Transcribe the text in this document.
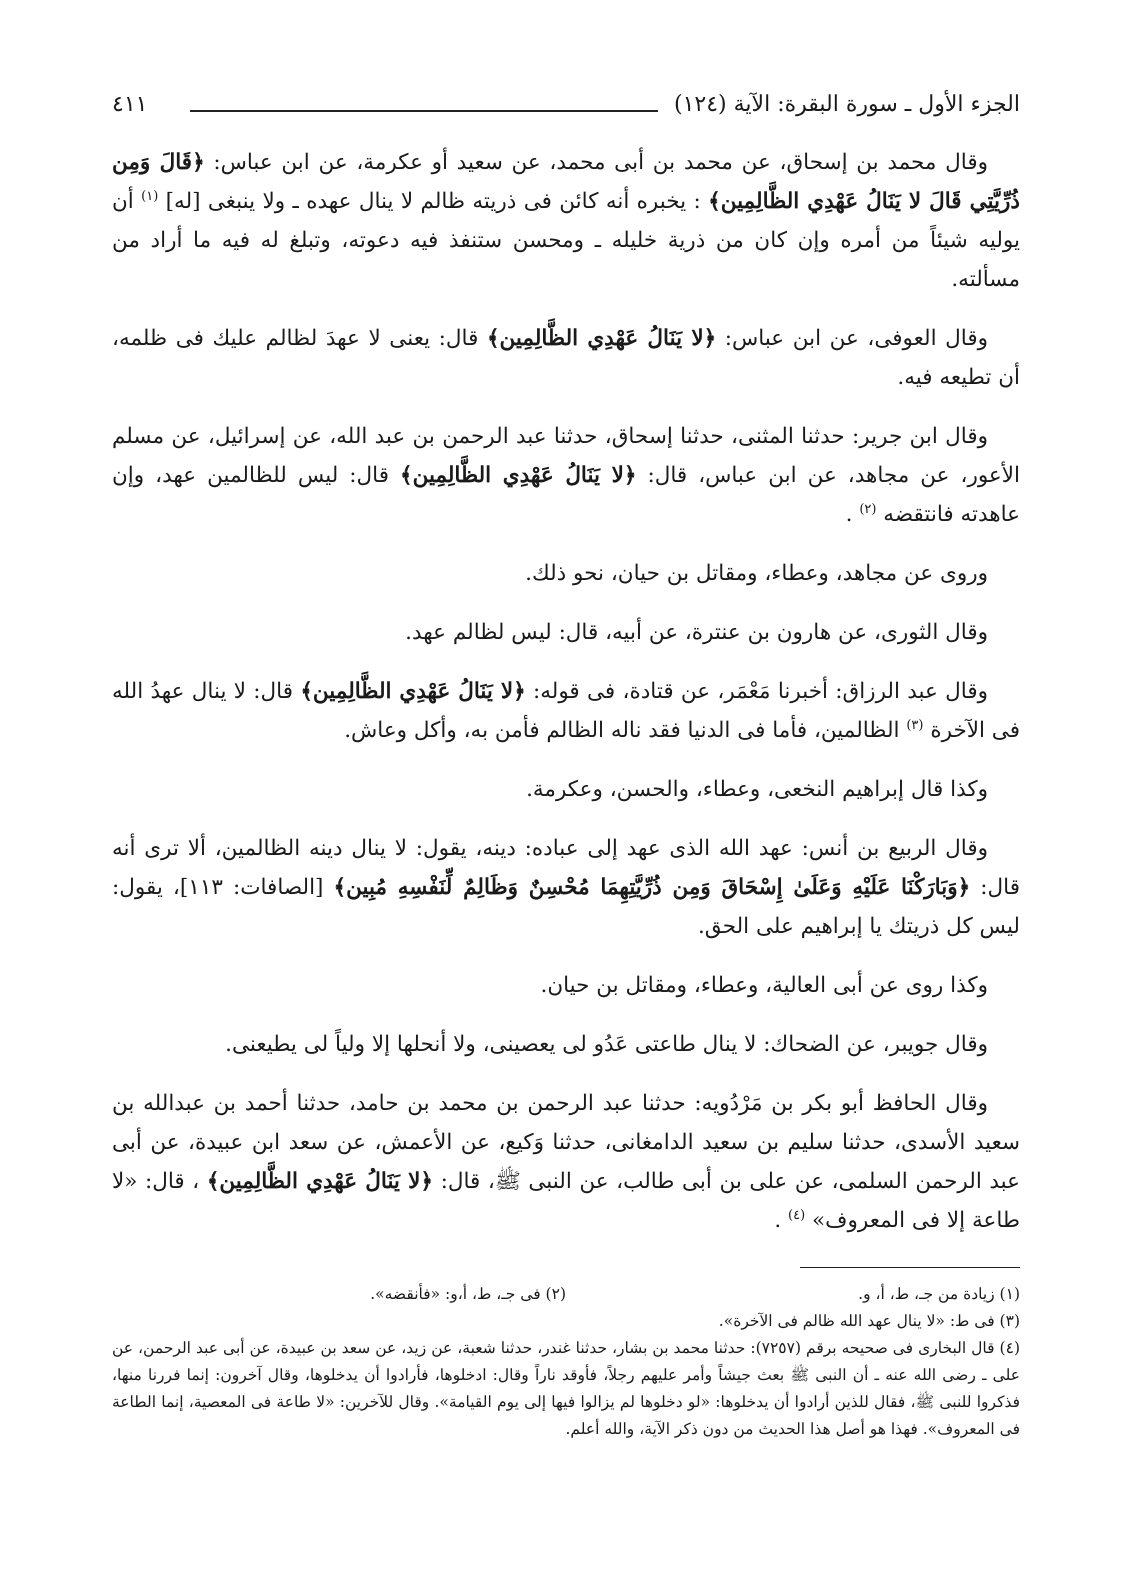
الجزء الأول ـ سورة البقرة: الآية (١٢٤)
٤١١

وقال محمد بن إسحاق، عن محمد بن أبى محمد، عن سعيد أو عكرمة، عن ابن عباس: ﴿قَالَ وَمِن ذُرِّيَّتِي قَالَ لا يَنَالُ عَهْدِي الظَّالِمِين﴾ : يخبره أنه كائن فى ذريته ظالم لا ينال عهده ـ ولا ينبغى [له] $^{(١)}$ أن يوليه شيئاً من أمره وإن كان من ذرية خليله ـ ومحسن ستنفذ فيه دعوته، وتبلغ له فيه ما أراد من مسألته.

وقال العوفى، عن ابن عباس: ﴿لا يَنَالُ عَهْدِي الظَّالِمِين﴾ قال: يعنى لا عهدَ لظالم عليك فى ظلمه، أن تطيعه فيه.

وقال ابن جرير: حدثنا المثنى، حدثنا إسحاق، حدثنا عبد الرحمن بن عبد الله، عن إسرائيل، عن مسلم الأعور، عن مجاهد، عن ابن عباس، قال: ﴿لا يَنَالُ عَهْدِي الظَّالِمِين﴾ قال: ليس للظالمين عهد، وإن عاهدته فانتقضه $^{(٢)}$ .

وروى عن مجاهد، وعطاء، ومقاتل بن حيان، نحو ذلك.

وقال الثورى، عن هارون بن عنترة، عن أبيه، قال: ليس لظالم عهد.

وقال عبد الرزاق: أخبرنا مَعْمَر، عن قتادة، فى قوله: ﴿لا يَنَالُ عَهْدِي الظَّالِمِين﴾ قال: لا ينال عهدُ الله فى الآخرة $^{(٣)}$ الظالمين، فأما فى الدنيا فقد ناله الظالم فأمن به، وأكل وعاش.

وكذا قال إبراهيم النخعى، وعطاء، والحسن، وعكرمة.

وقال الربيع بن أنس: عهد الله الذى عهد إلى عباده: دينه، يقول: لا ينال دينه الظالمين، ألا ترى أنه قال: ﴿وَبَارَكْنَا عَلَيْهِ وَعَلَىٰ إِسْحَاقَ وَمِن ذُرِّيَّتِهِمَا مُحْسِنٌ وَظَالِمٌ لِّنَفْسِهِ مُبِين﴾ [الصافات: ١١٣]، يقول: ليس كل ذريتك يا إبراهيم على الحق.

وكذا روى عن أبى العالية، وعطاء، ومقاتل بن حيان.

وقال جويبر، عن الضحاك: لا ينال طاعتى عَدُو لى يعصينى، ولا أنحلها إلا ولياً لى يطيعنى.

وقال الحافظ أبو بكر بن مَرْدُويه: حدثنا عبد الرحمن بن محمد بن حامد، حدثنا أحمد بن عبدالله بن سعيد الأسدى، حدثنا سليم بن سعيد الدامغانى، حدثنا وَكيع، عن الأعمش، عن سعد ابن عبيدة، عن أبى عبد الرحمن السلمى، عن على بن أبى طالب، عن النبى ﷺ، قال: ﴿لا يَنَالُ عَهْدِي الظَّالِمِين﴾ ، قال: «لا طاعة إلا فى المعروف» $^{(٤)}$ .

(١) زيادة من جـ، ط، أ، و.
(٢) فى جـ، ط، أ،و: «فأنقضه».

(٣) فى ط: «لا ينال عهد الله ظالم فى الآخرة».

(٤) قال البخارى فى صحيحه برقم (٧٢٥٧): حدثنا محمد بن بشار، حدثنا غندر، حدثنا شعبة، عن زيد، عن سعد بن عبيدة، عن أبى عبد الرحمن، عن على ـ رضى الله عنه ـ أن النبى ﷺ بعث جيشاً وأمر عليهم رجلاً، فأوقد ناراً وقال: ادخلوها، فأرادوا أن يدخلوها، وقال آخرون: إنما فررنا منها، فذكروا للنبى ﷺ، فقال للذين أرادوا أن يدخلوها: «لو دخلوها لم يزالوا فيها إلى يوم القيامة». وقال للآخرين: «لا طاعة فى المعصية، إنما الطاعة فى المعروف». فهذا هو أصل هذا الحديث من دون ذكر الآية، والله أعلم.
